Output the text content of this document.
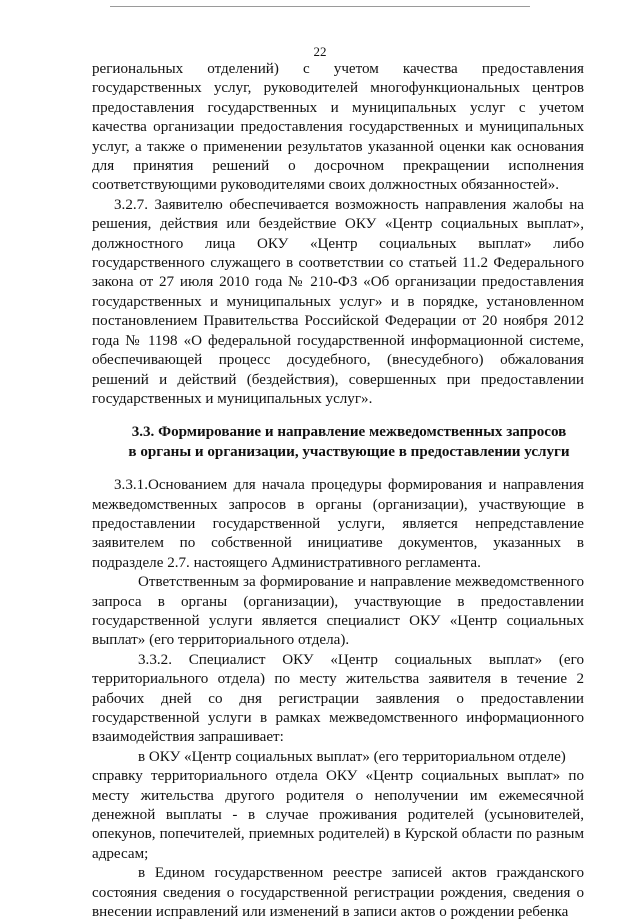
22

региональных отделений) с учетом качества предоставления государственных услуг, руководителей многофункциональных центров предоставления государственных и муниципальных услуг с учетом качества организации предоставления государственных и муниципальных услуг, а также о применении результатов указанной оценки как основания для принятия решений о досрочном прекращении исполнения соответствующими руководителями своих должностных обязанностей».

3.2.7. Заявителю обеспечивается возможность направления жалобы на решения, действия или бездействие ОКУ «Центр социальных выплат», должностного лица ОКУ «Центр социальных выплат» либо государственного служащего в соответствии со статьей 11.2 Федерального закона от 27 июля 2010 года № 210-ФЗ «Об организации предоставления государственных и муниципальных услуг» и в порядке, установленном постановлением Правительства Российской Федерации от 20 ноября 2012 года № 1198 «О федеральной государственной информационной системе, обеспечивающей процесс досудебного, (внесудебного) обжалования решений и действий (бездействия), совершенных при предоставлении государственных и муниципальных услуг».

3.3. Формирование и направление межведомственных запросов
в органы и организации, участвующие в предоставлении услуги

3.3.1.Основанием для начала процедуры формирования и направления межведомственных запросов в органы (организации), участвующие в предоставлении государственной услуги, является непредставление заявителем по собственной инициативе документов, указанных в подразделе 2.7. настоящего Административного регламента.

Ответственным за формирование и направление межведомственного запроса в органы (организации), участвующие в предоставлении государственной услуги является специалист ОКУ «Центр социальных выплат» (его территориального отдела).

3.3.2. Специалист ОКУ «Центр социальных выплат» (его территориального отдела) по месту жительства заявителя в течение 2 рабочих дней со дня регистрации заявления о предоставлении государственной услуги в рамках межведомственного информационного взаимодействия запрашивает:

в ОКУ «Центр социальных выплат» (его территориальном отделе)

справку территориального отдела ОКУ «Центр социальных выплат» по месту жительства другого родителя о неполучении им ежемесячной денежной выплаты - в случае проживания родителей (усыновителей, опекунов, попечителей, приемных родителей) в Курской области по разным адресам;

в Едином государственном реестре записей актов гражданского состояния сведения о государственной регистрации рождения, сведения о внесении исправлений или изменений в записи актов о рождении ребенка
